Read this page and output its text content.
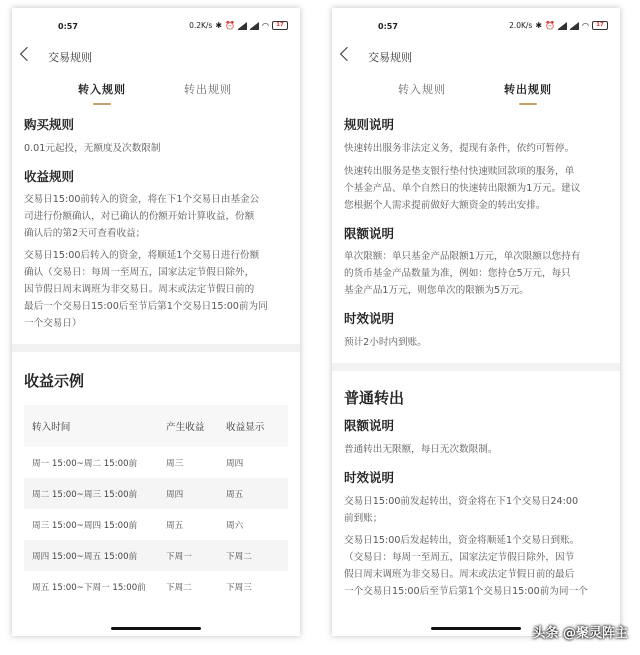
0:57	0.2K/s ✱ ⏰	◠	17
交易规则
转入规则	转出规则

购买规则

0.01元起投，无额度及次数限制

收益规则

交易日15:00前转入的资金，将在下1个交易日由基金公

司进行份额确认，对已确认的份额开始计算收益，份额

确认后的第2天可查看收益；

交易日15:00后转入的资金，将顺延1个交易日进行份额

确认（交易日：每周一至周五，国家法定节假日除外，

因节假日周末调班为非交易日。周末或法定节假日前的

最后一个交易日15:00后至节后第1个交易日15:00前为同

一个交易日）

收益示例

转入时间	产生收益	收益显示
周一 15:00~周二 15:00前	周三	周四
周二 15:00~周三 15:00前	周四	周五
周三 15:00~周四 15:00前	周五	周六
周四 15:00~周五 15:00前	下周一	下周二
周五 15:00~下周一 15:00前	下周二	下周三
0:57	2.0K/s ✱ ⏰	◠	17
交易规则
转入规则	转出规则

规则说明

快速转出服务非法定义务，提现有条件，依约可暂停。

快速转出服务是垫支银行垫付快速赎回款项的服务，单

个基金产品、单个自然日的快速转出限额为1万元。建议

您根据个人需求提前做好大额资金的转出安排。

限额说明

单次限额：单只基金产品限额1万元，单次限额以您持有

的货币基金产品数量为准，例如：您持仓5万元，每只

基金产品1万元，则您单次的限额为5万元。

时效说明

预计2小时内到账。

普通转出

限额说明

普通转出无限额，每日无次数限制。

时效说明

交易日15:00前发起转出，资金将在下1个交易日24:00

前到账；

交易日15:00后发起转出，资金将顺延1个交易日到账。

（交易日：每周一至周五，国家法定节假日除外，因节

假日周末调班为非交易日。周末或法定节假日前的最后

一个交易日15:00后至节后第1个交易日15:00前为同一个

头条 @聚灵阵主
